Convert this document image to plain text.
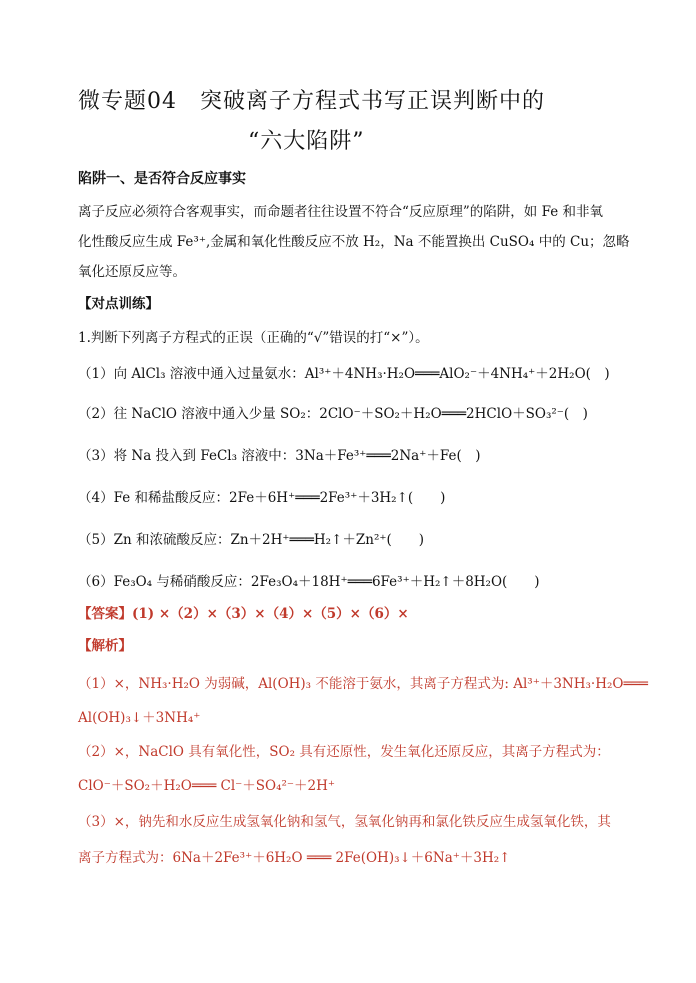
微专题04　突破离子方程式书写正误判断中的
“六大陷阱”
陷阱一、是否符合反应事实
离子反应必须符合客观事实，而命题者往往设置不符合“反应原理”的陷阱，如 Fe 和非氧
化性酸反应生成 Fe³⁺,金属和氧化性酸反应不放 H₂，Na 不能置换出 CuSO₄ 中的 Cu；忽略
氧化还原反应等。
【对点训练】
1.判断下列离子方程式的正误（正确的“√”错误的打“×”）。
（1）向 AlCl₃ 溶液中通入过量氨水：Al³⁺＋4NH₃·H₂O═══AlO₂⁻＋4NH₄⁺＋2H₂O(　)
（2）往 NaClO 溶液中通入少量 SO₂：2ClO⁻＋SO₂＋H₂O═══2HClO＋SO₃²⁻(　)
（3）将 Na 投入到 FeCl₃ 溶液中：3Na＋Fe³⁺═══2Na⁺＋Fe(　)
（4）Fe 和稀盐酸反应：2Fe＋6H⁺═══2Fe³⁺＋3H₂↑(　　)
（5）Zn 和浓硫酸反应：Zn＋2H⁺═══H₂↑＋Zn²⁺(　　)
（6）Fe₃O₄ 与稀硝酸反应：2Fe₃O₄＋18H⁺═══6Fe³⁺＋H₂↑＋8H₂O(　　)
【答案】(1) ×（2）×（3）×（4）×（5）×（6）×
【解析】
（1）×，NH₃·H₂O 为弱碱，Al(OH)₃ 不能溶于氨水，其离子方程式为: Al³⁺＋3NH₃·H₂O═══
Al(OH)₃↓＋3NH₄⁺
（2）×，NaClO 具有氧化性，SO₂ 具有还原性，发生氧化还原反应，其离子方程式为：
ClO⁻＋SO₂＋H₂O═══ Cl⁻＋SO₄²⁻＋2H⁺
（3）×，钠先和水反应生成氢氧化钠和氢气，氢氧化钠再和氯化铁反应生成氢氧化铁，其
离子方程式为：6Na＋2Fe³⁺＋6H₂O ═══ 2Fe(OH)₃↓＋6Na⁺＋3H₂↑
